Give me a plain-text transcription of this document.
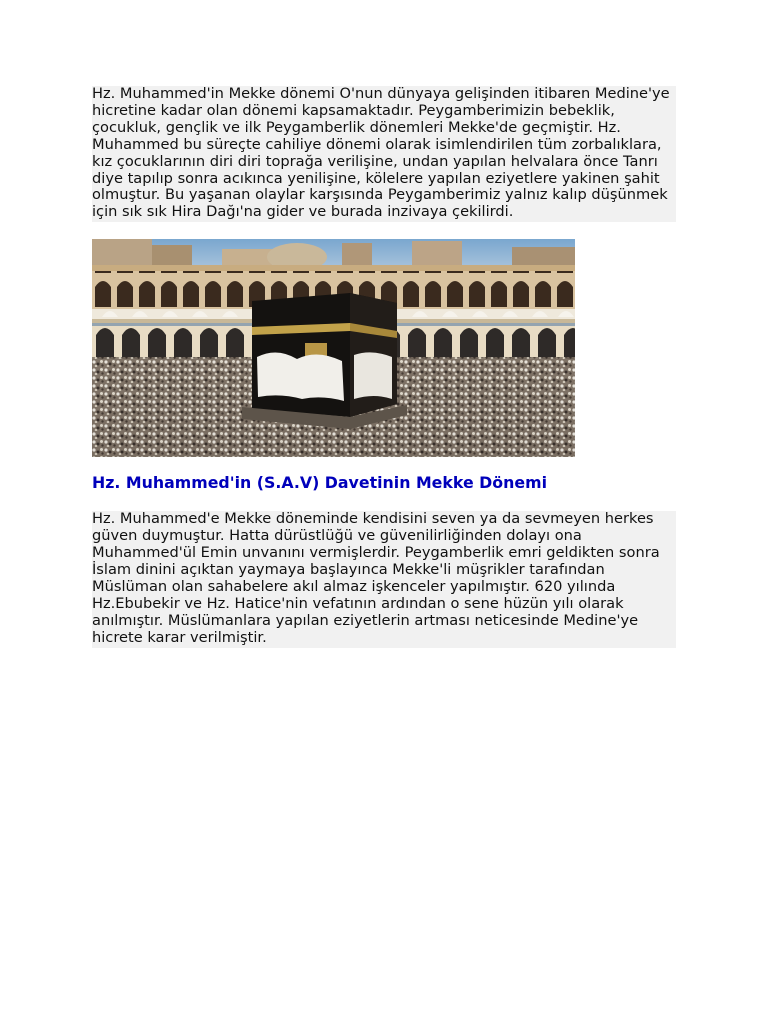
Hz. Muhammed'in Mekke dönemi O'nun dünyaya gelişinden itibaren Medine'ye hicretine kadar olan dönemi kapsamaktadır. Peygamberimizin bebeklik, çocukluk, gençlik ve ilk Peygamberlik dönemleri Mekke'de geçmiştir. Hz. Muhammed bu süreçte cahiliye dönemi olarak isimlendirilen tüm zorbalıklara, kız çocuklarının diri diri toprağa verilişine, undan yapılan helvalara önce Tanrı diye tapılıp sonra acıkınca yenilişine, kölelere yapılan eziyetlere yakinen şahit olmuştur. Bu yaşanan olaylar karşısında Peygamberimiz yalnız kalıp düşünmek için sık sık Hira Dağı'na gider ve burada inzivaya çekilirdi.

Hz. Muhammed'in (S.A.V) Davetinin Mekke Dönemi

Hz. Muhammed'e Mekke döneminde kendisini seven ya da sevmeyen herkes güven duymuştur. Hatta dürüstlüğü ve güvenilirliğinden dolayı ona Muhammed'ül Emin unvanını vermişlerdir. Peygamberlik emri geldikten sonra İslam dinini açıktan yaymaya başlayınca Mekke'li müşrikler tarafından Müslüman olan sahabelere akıl almaz işkenceler yapılmıştır. 620 yılında Hz.Ebubekir ve Hz. Hatice'nin vefatının ardından o sene hüzün yılı olarak anılmıştır. Müslümanlara yapılan eziyetlerin artması neticesinde Medine'ye hicrete karar verilmiştir.
